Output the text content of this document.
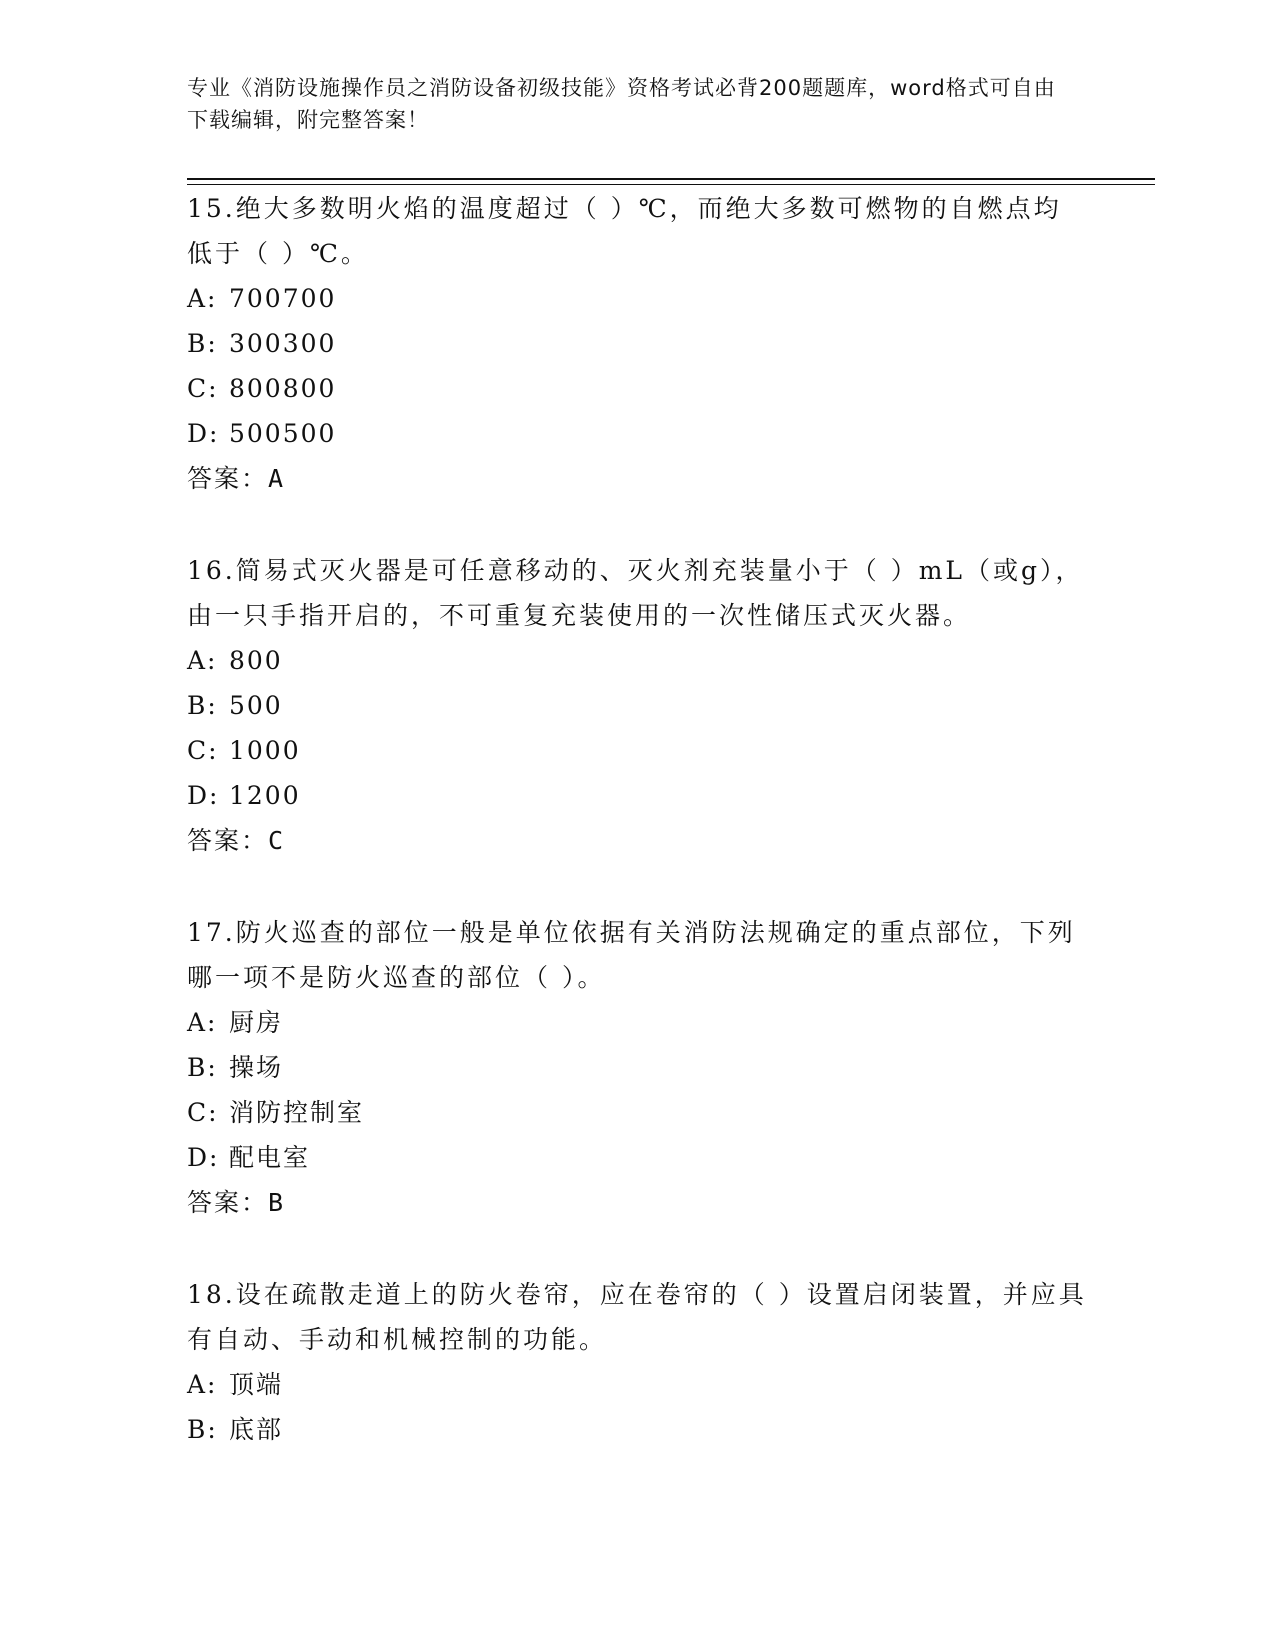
专业《消防设施操作员之消防设备初级技能》资格考试必背200题题库，word格式可自由下载编辑，附完整答案！

15.绝大多数明火焰的温度超过（ ）℃，而绝大多数可燃物的自燃点均低于（ ）℃。

A: 700700

B: 300300

C: 800800

D: 500500

答案：A

16.简易式灭火器是可任意移动的、灭火剂充装量小于（ ）mL（或g），由一只手指开启的，不可重复充装使用的一次性储压式灭火器。

A: 800

B: 500

C: 1000

D: 1200

答案：C

17.防火巡查的部位一般是单位依据有关消防法规确定的重点部位，下列哪一项不是防火巡查的部位（ ）。

A: 厨房

B: 操场

C: 消防控制室

D: 配电室

答案：B

18.设在疏散走道上的防火卷帘，应在卷帘的（ ）设置启闭装置，并应具有自动、手动和机械控制的功能。

A: 顶端

B: 底部
